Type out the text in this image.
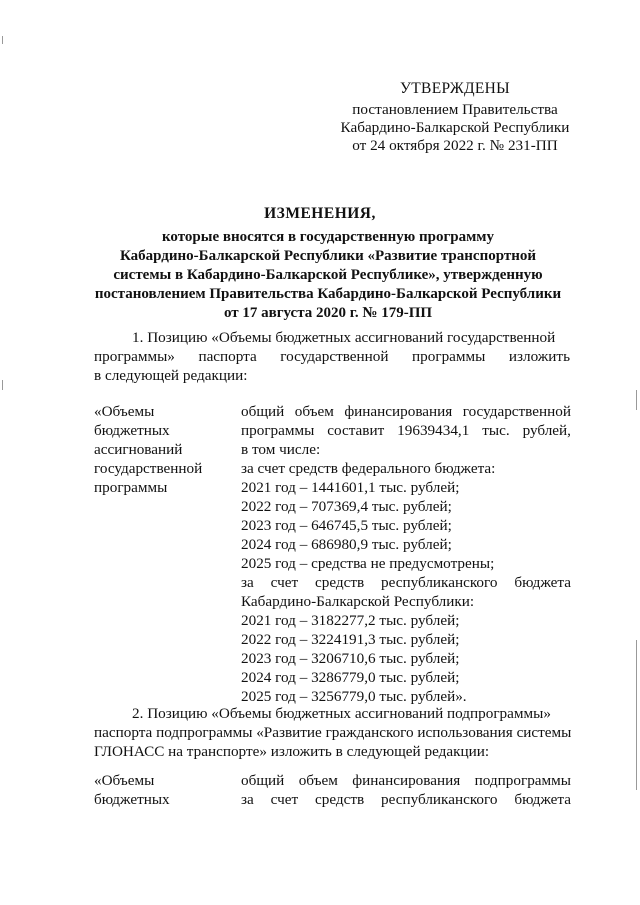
УТВЕРЖДЕНЫ
постановлением Правительства
Кабардино-Балкарской Республики
от 24 октября 2022 г. № 231-ПП
ИЗМЕНЕНИЯ,
которые вносятся в государственную программу
Кабардино-Балкарской Республики «Развитие транспортной
системы в Кабардино-Балкарской Республике», утвержденную
постановлением Правительства Кабардино-Балкарской Республики
от 17 августа 2020 г. № 179-ПП
1. Позицию «Объемы бюджетных ассигнований государственной
программы» паспорта государственной программы изложить
в следующей редакции:
«Объемы
бюджетных
ассигнований
государственной
программы
общий объем финансирования государственной
программы составит 19639434,1 тыс. рублей,
в том числе:
за счет средств федерального бюджета:
2021 год – 1441601,1 тыс. рублей;
2022 год – 707369,4 тыс. рублей;
2023 год – 646745,5 тыс. рублей;
2024 год – 686980,9 тыс. рублей;
2025 год – средства не предусмотрены;
за счет средств республиканского бюджета
Кабардино-Балкарской Республики:
2021 год – 3182277,2 тыс. рублей;
2022 год – 3224191,3 тыс. рублей;
2023 год – 3206710,6 тыс. рублей;
2024 год – 3286779,0 тыс. рублей;
2025 год – 3256779,0 тыс. рублей».
2. Позицию «Объемы бюджетных ассигнований подпрограммы»
паспорта подпрограммы «Развитие гражданского использования системы
ГЛОНАСС на транспорте» изложить в следующей редакции:
«Объемы
бюджетных
общий объем финансирования подпрограммы
за счет средств республиканского бюджета
